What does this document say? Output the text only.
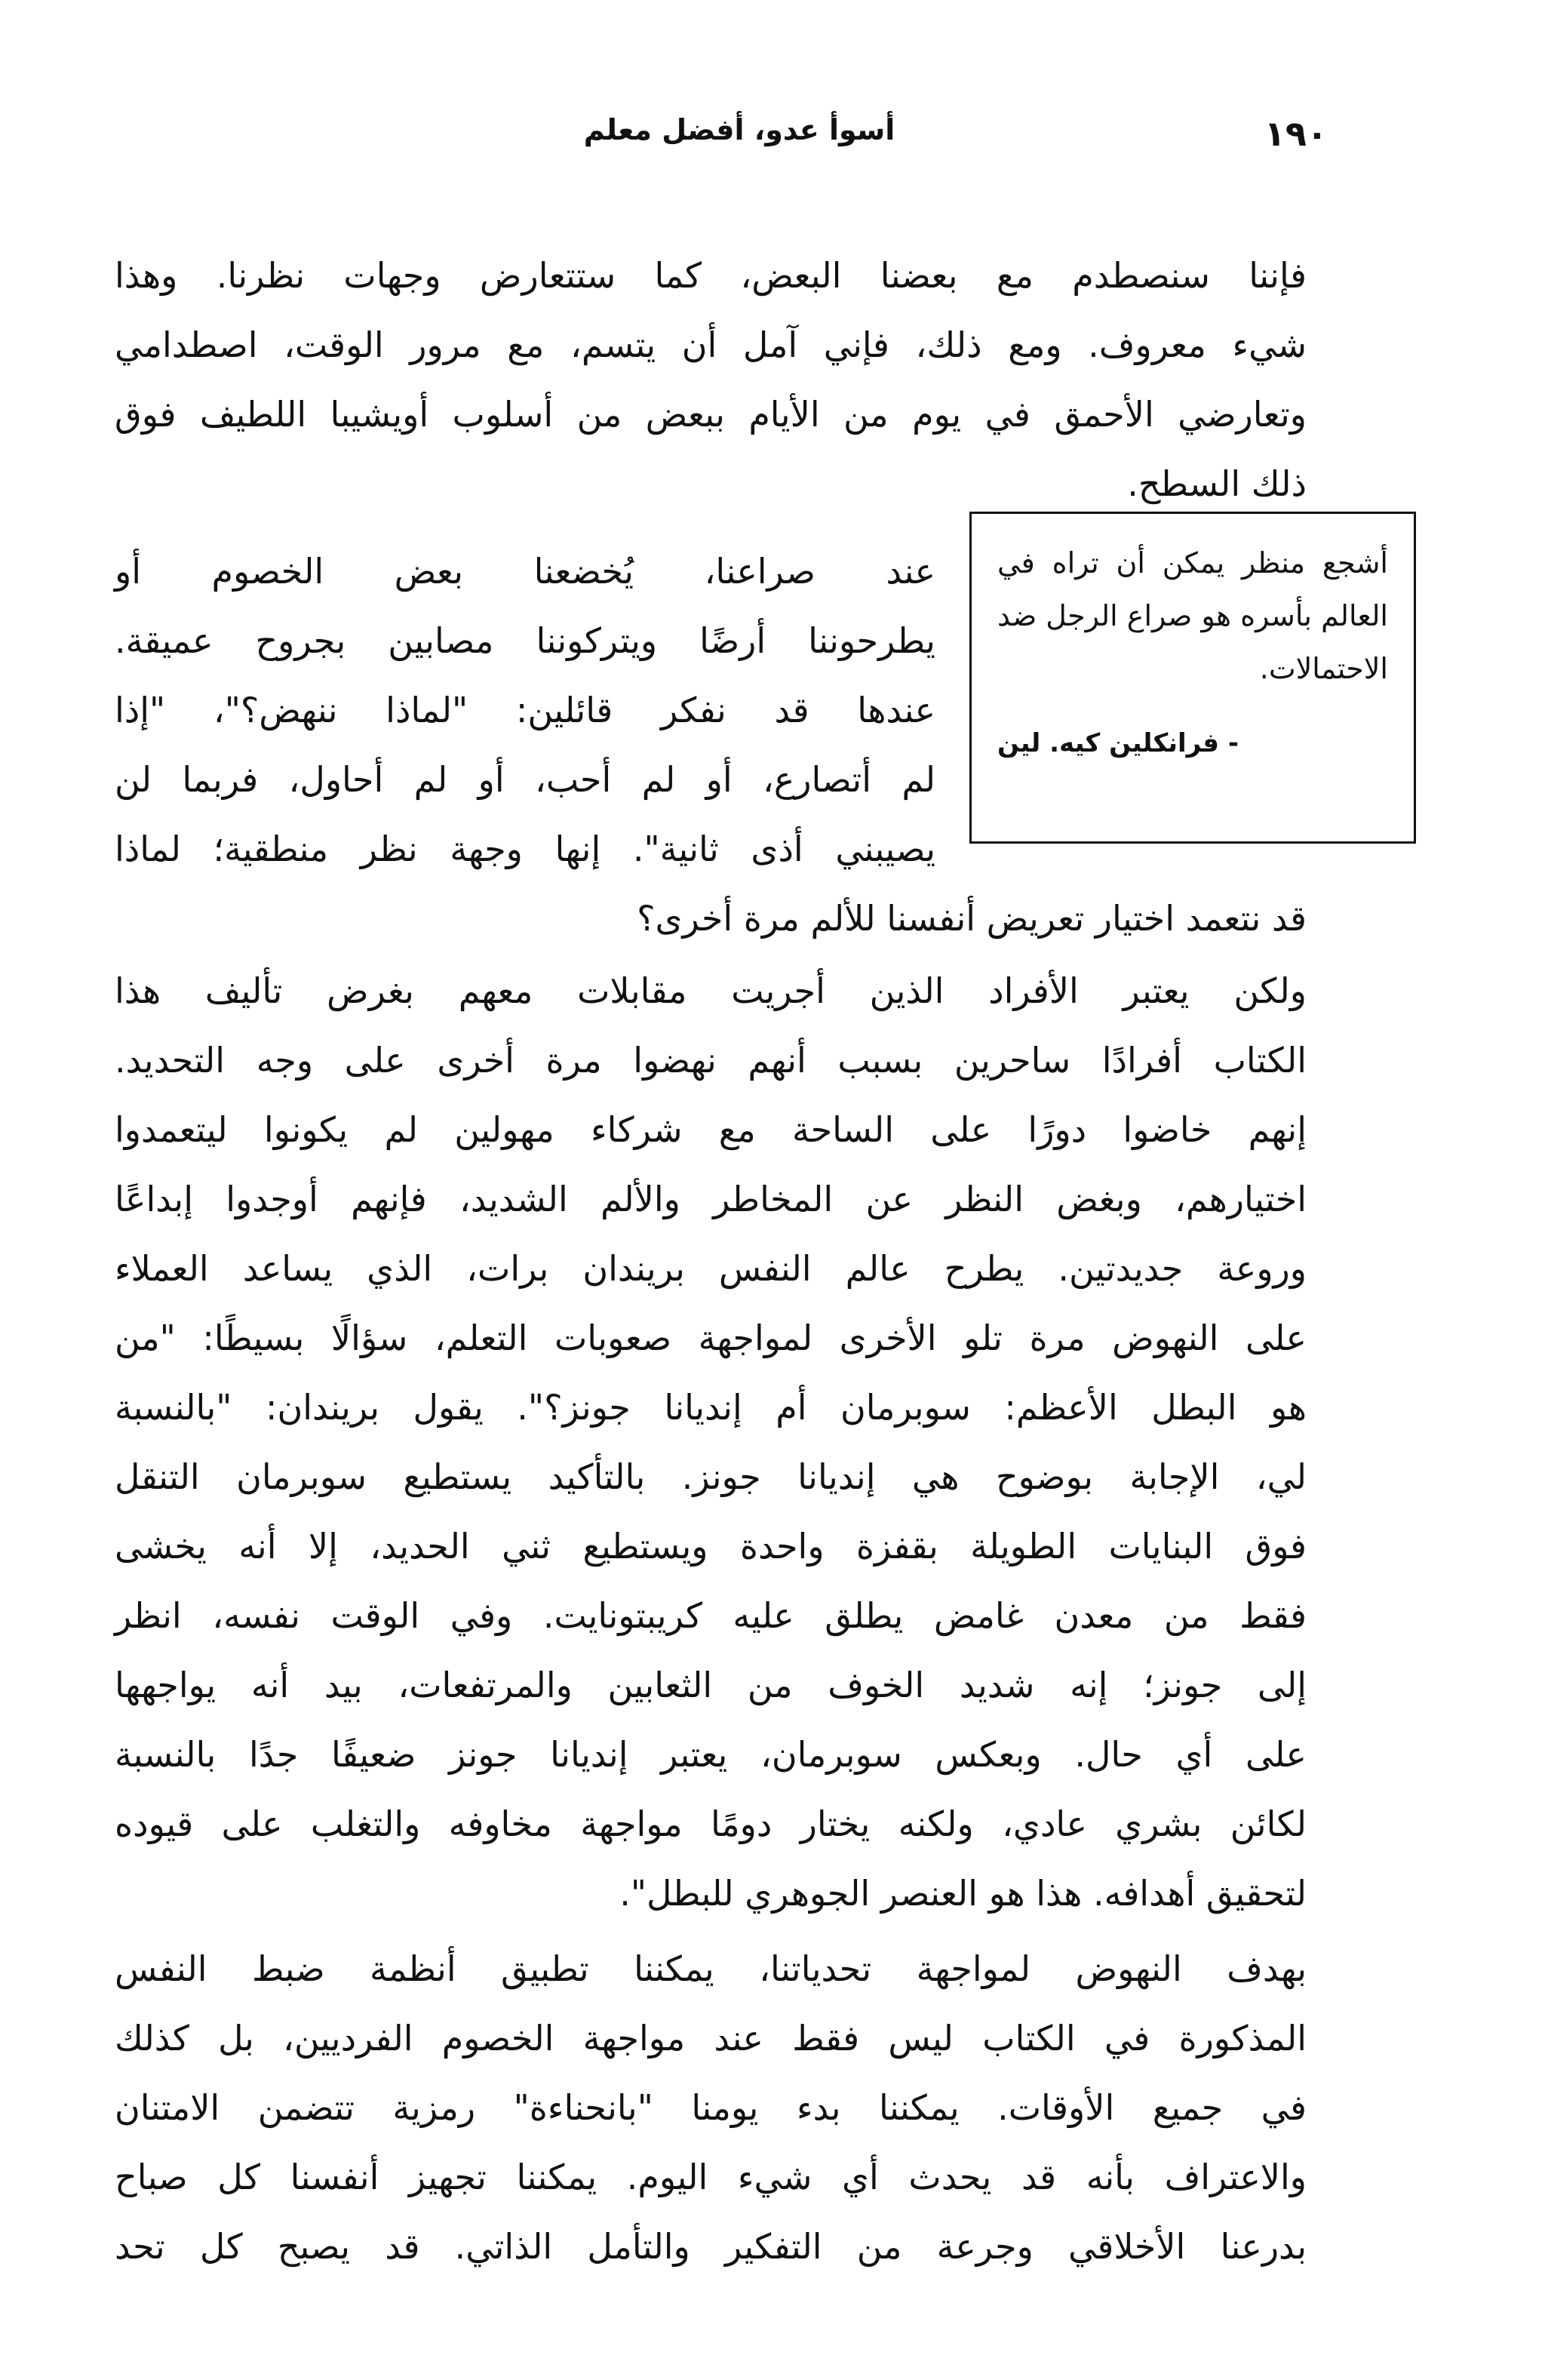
١٩٠
أسوأ عدو، أفضل معلم
فإننا سنصطدم مع بعضنا البعض، كما ستتعارض وجهات نظرنا. وهذا
شيء معروف. ومع ذلك، فإني آمل أن يتسم، مع مرور الوقت، اصطدامي
وتعارضي الأحمق في يوم من الأيام ببعض من أسلوب أويشيبا اللطيف فوق
ذلك السطح.

أشجع منظر يمكن أن تراه في العالم بأسره هو صراع الرجل ضد الاحتمالات.

- فرانكلين كيه. لين
عند صراعنا، يُخضعنا بعض الخصوم أو
يطرحوننا أرضًا ويتركوننا مصابين بجروح عميقة.
عندها قد نفكر قائلين: "لماذا ننهض؟"، "إذا
لم أتصارع، أو لم أحب، أو لم أحاول، فربما لن
يصيبني أذى ثانية". إنها وجهة نظر منطقية؛ لماذا
قد نتعمد اختيار تعريض أنفسنا للألم مرة أخرى؟
ولكن يعتبر الأفراد الذين أجريت مقابلات معهم بغرض تأليف هذا
الكتاب أفرادًا ساحرين بسبب أنهم نهضوا مرة أخرى على وجه التحديد.
إنهم خاضوا دورًا على الساحة مع شركاء مهولين لم يكونوا ليتعمدوا
اختيارهم، وبغض النظر عن المخاطر والألم الشديد، فإنهم أوجدوا إبداعًا
وروعة جديدتين. يطرح عالم النفس بريندان برات، الذي يساعد العملاء
على النهوض مرة تلو الأخرى لمواجهة صعوبات التعلم، سؤالًا بسيطًا: "من
هو البطل الأعظم: سوبرمان أم إنديانا جونز؟". يقول بريندان: "بالنسبة
لي، الإجابة بوضوح هي إنديانا جونز. بالتأكيد يستطيع سوبرمان التنقل
فوق البنايات الطويلة بقفزة واحدة ويستطيع ثني الحديد، إلا أنه يخشى
فقط من معدن غامض يطلق عليه كريبتونايت. وفي الوقت نفسه، انظر
إلى جونز؛ إنه شديد الخوف من الثعابين والمرتفعات، بيد أنه يواجهها
على أي حال. وبعكس سوبرمان، يعتبر إنديانا جونز ضعيفًا جدًا بالنسبة
لكائن بشري عادي، ولكنه يختار دومًا مواجهة مخاوفه والتغلب على قيوده
لتحقيق أهدافه. هذا هو العنصر الجوهري للبطل".
بهدف النهوض لمواجهة تحدياتنا، يمكننا تطبيق أنظمة ضبط النفس
المذكورة في الكتاب ليس فقط عند مواجهة الخصوم الفرديين، بل كذلك
في جميع الأوقات. يمكننا بدء يومنا "بانحناءة" رمزية تتضمن الامتنان
والاعتراف بأنه قد يحدث أي شيء اليوم. يمكننا تجهيز أنفسنا كل صباح
بدرعنا الأخلاقي وجرعة من التفكير والتأمل الذاتي. قد يصبح كل تحد
